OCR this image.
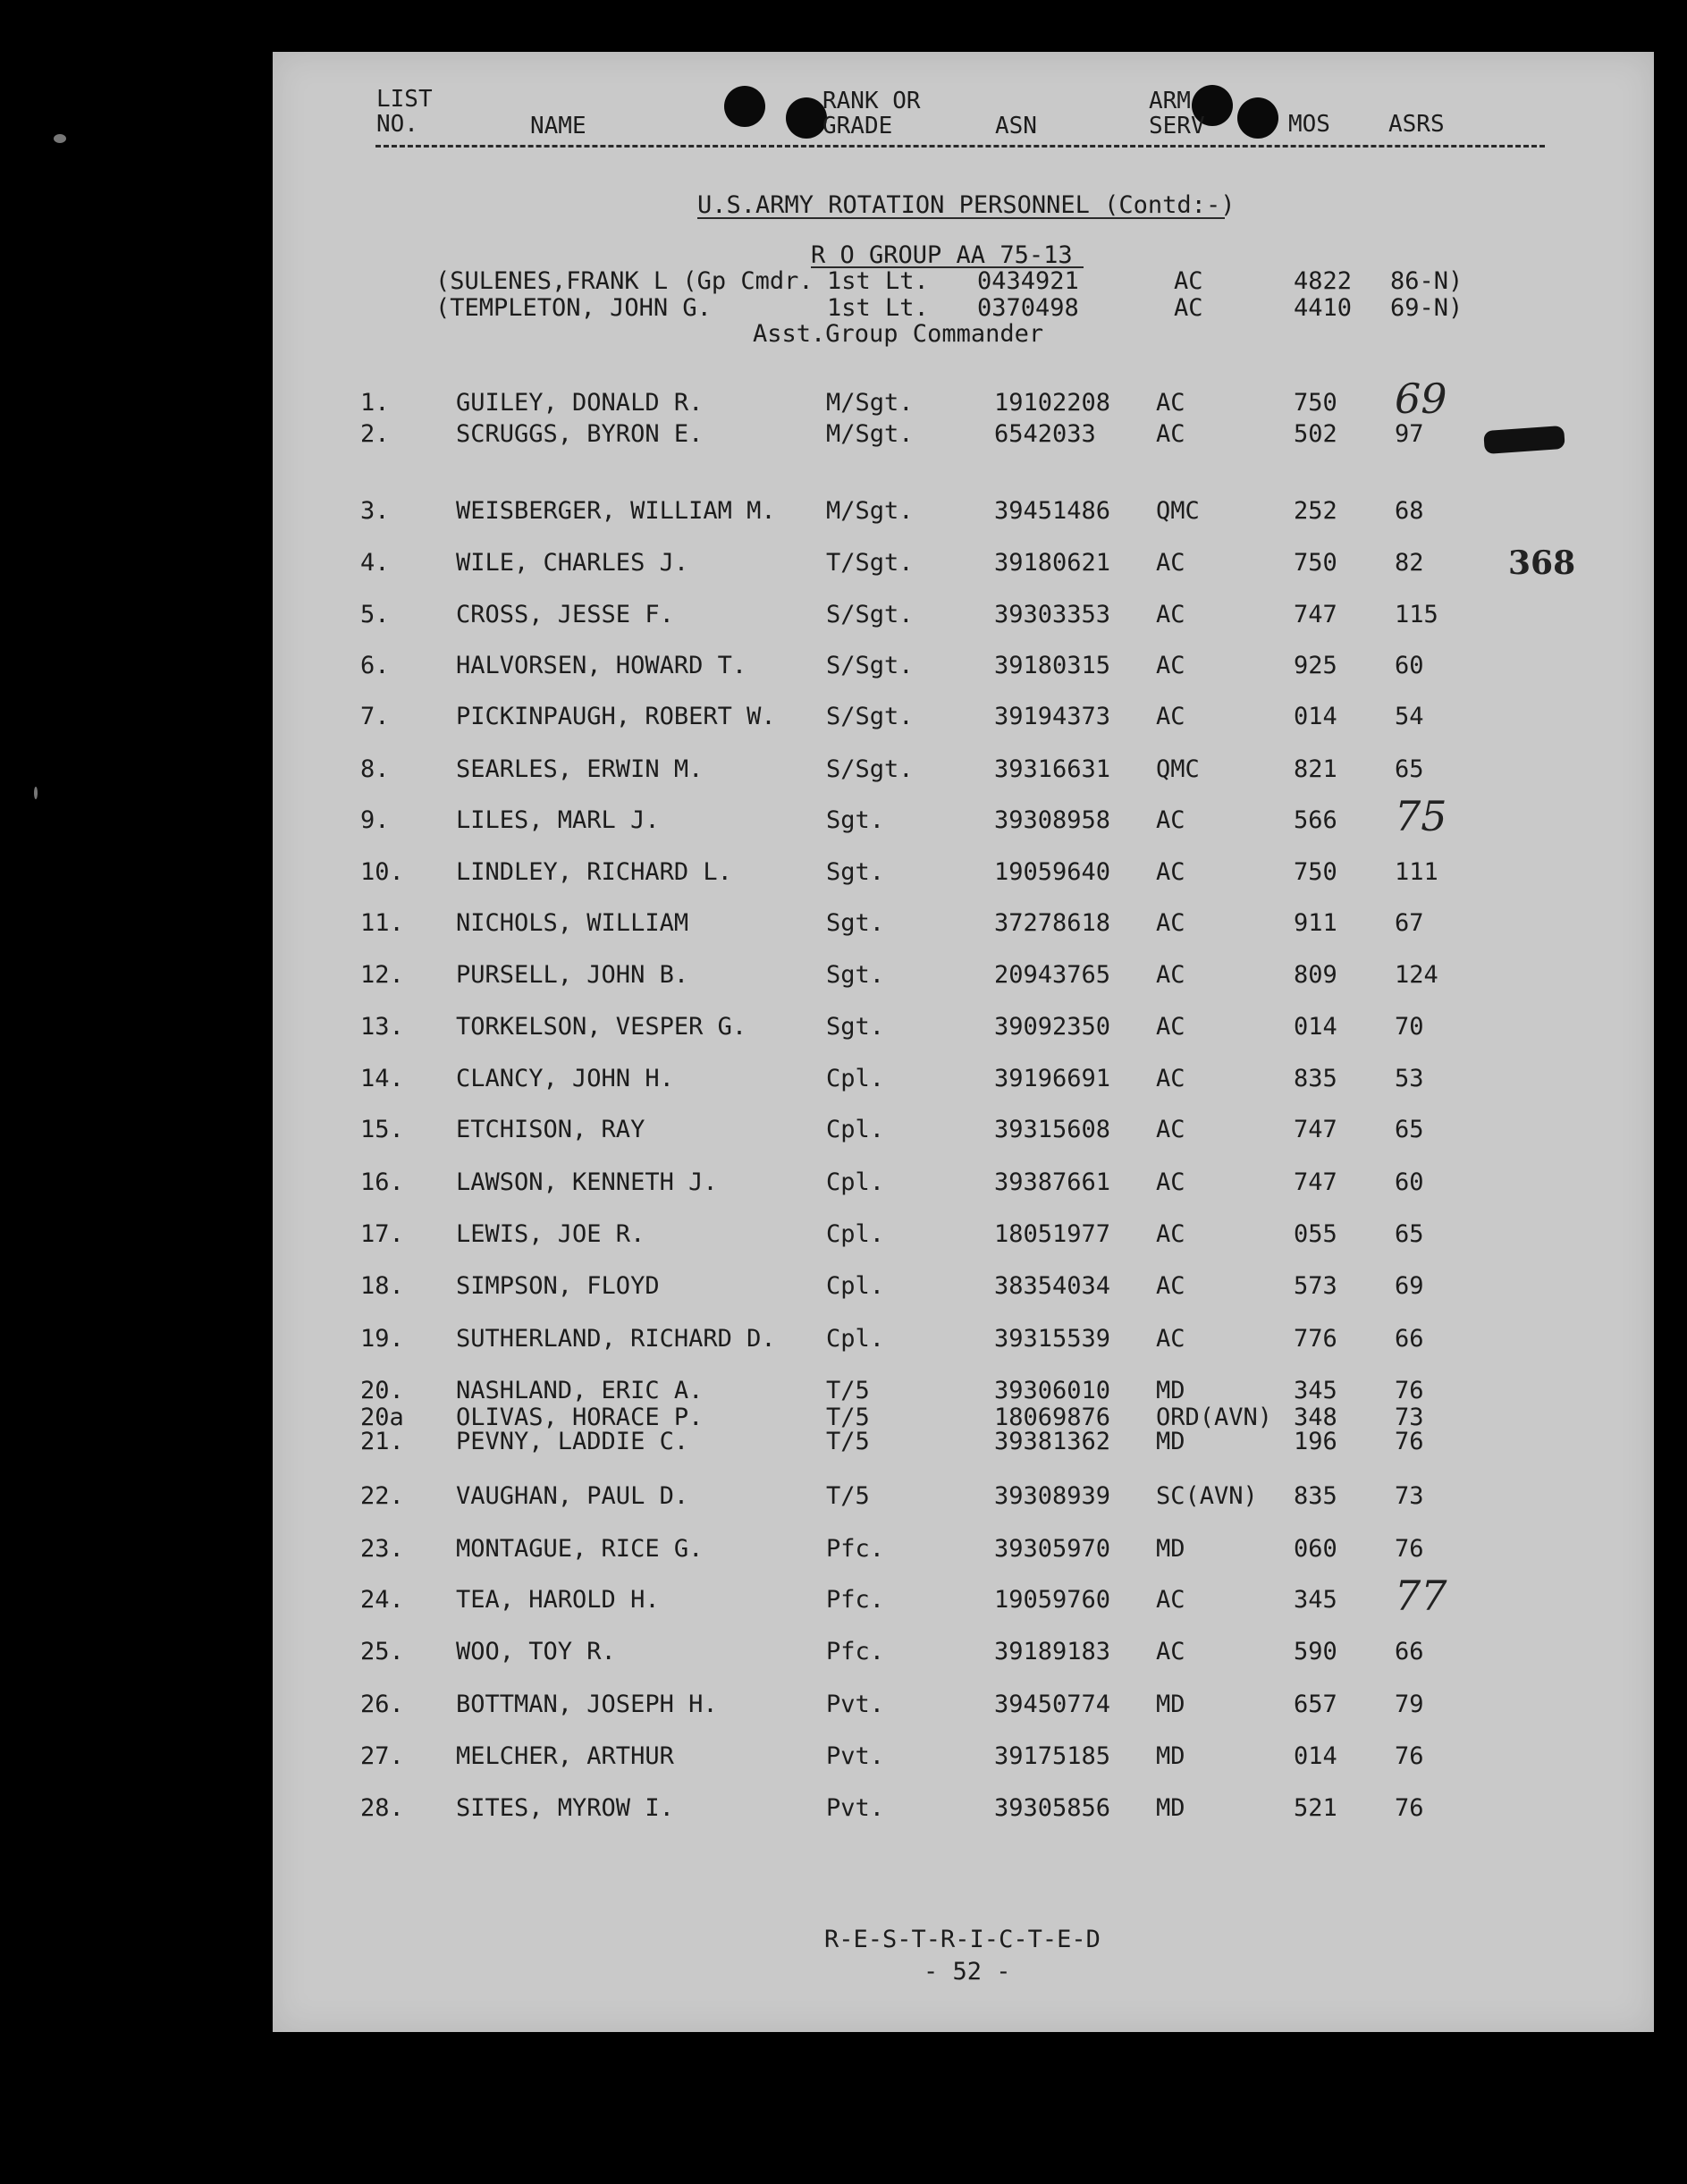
LIST
NO.	NAME
RANK OR
GRADE	ASN
ARM
SERV	MOS	ASRS
U.S.ARMY ROTATION PERSONNEL (Contd:-)
R O GROUP AA 75-13
(SULENES,FRANK L (Gp Cmdr. 1st Lt. 0434921	AC	4822 86-N)
(TEMPLETON, JOHN G.	1st Lt. 0370498	AC	4410 69-N)
Asst.Group Commander
1.	GUILEY, DONALD R.	M/Sgt.	19102208 AC	750 69
2.	SCRUGGS, BYRON E.	M/Sgt.	6542033 AC	502 97
3.	WEISBERGER, WILLIAM M. M/Sgt.	39451486 QMC	252 68
4.	WILE, CHARLES J.	T/Sgt.	39180621 AC	750 82
5.	CROSS, JESSE F.	S/Sgt.	39303353 AC	747 115
6.	HALVORSEN, HOWARD T.	S/Sgt.	39180315 AC	925 60
7.	PICKINPAUGH, ROBERT W. S/Sgt.	39194373 AC	014 54
8.	SEARLES, ERWIN M.	S/Sgt.	39316631 QMC	821 65
9.	LILES, MARL J.	Sgt.	39308958 AC	566 75
10. LINDLEY, RICHARD L.	Sgt.	19059640 AC	750 111
11. NICHOLS, WILLIAM	Sgt.	37278618 AC	911 67
12. PURSELL, JOHN B.	Sgt.	20943765 AC	809 124
13. TORKELSON, VESPER G.	Sgt.	39092350 AC	014 70
14. CLANCY, JOHN H.	Cpl.	39196691 AC	835 53
15. ETCHISON, RAY	Cpl.	39315608 AC	747 65
16. LAWSON, KENNETH J.	Cpl.	39387661 AC	747 60
17. LEWIS, JOE R.	Cpl.	18051977 AC	055 65
18. SIMPSON, FLOYD	Cpl.	38354034 AC	573 69
19. SUTHERLAND, RICHARD D. Cpl.	39315539 AC	776 66
20. NASHLAND, ERIC A.	T/5	39306010 MD	345 76
20a OLIVAS, HORACE P.	T/5	18069876 ORD(AVN) 348 73
21. PEVNY, LADDIE C.	T/5	39381362 MD	196 76
22. VAUGHAN, PAUL D.	T/5	39308939 SC(AVN) 835 73
23. MONTAGUE, RICE G.	Pfc.	39305970 MD	060 76
24. TEA, HAROLD H.	Pfc.	19059760 AC	345 77
25. WOO, TOY R.	Pfc.	39189183 AC	590 66
26. BOTTMAN, JOSEPH H.	Pvt.	39450774 MD	657 79
27. MELCHER, ARTHUR	Pvt.	39175185 MD	014 76
28. SITES, MYROW I.	Pvt.	39305856 MD	521 76
368
R-E-S-T-R-I-C-T-E-D
- 52 -
